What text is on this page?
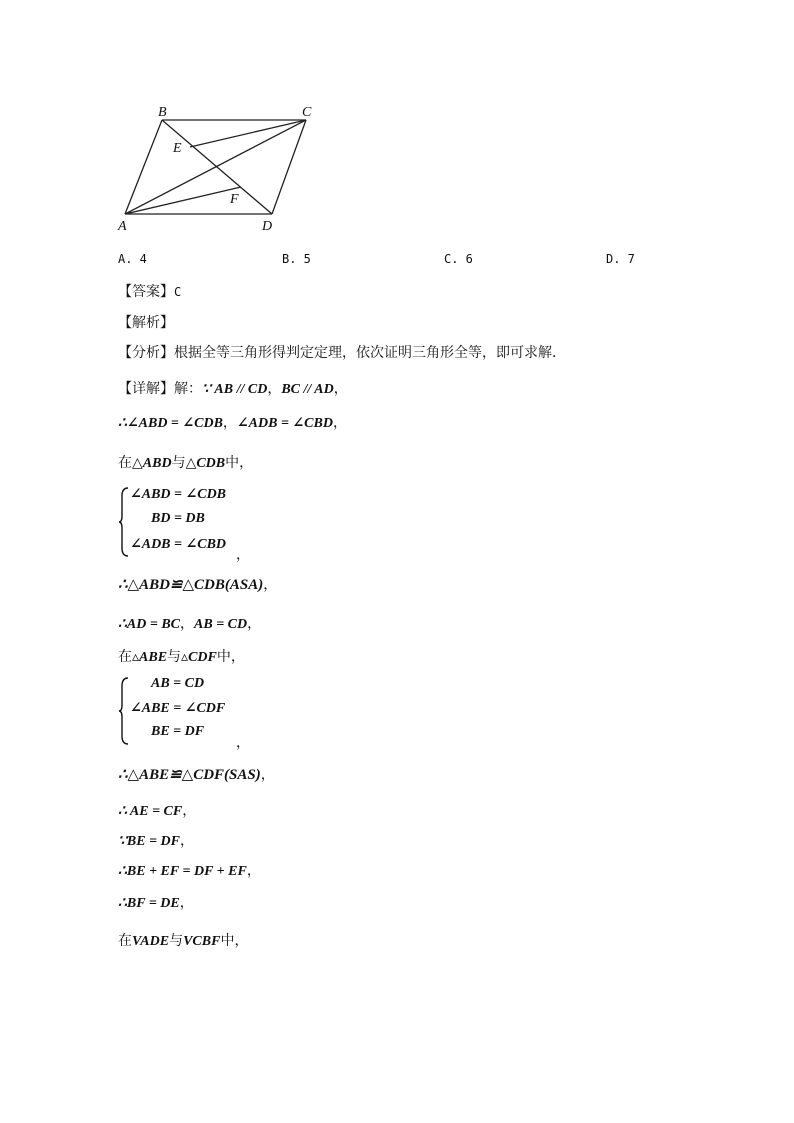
B	C
E
F
A	D
A. 4	B. 5	C. 6	D. 7
【答案】C
【解析】
【分析】根据全等三角形得判定定理，依次证明三角形全等，即可求解．
【详解】解：∵ AB // CD，BC // AD，
∴∠ABD = ∠CDB，∠ADB = ∠CBD，
在△ABD与△CDB中，
∠ABD = ∠CDB
BD = DB
∠ADB = ∠CBD
，
∴△ABD≌△CDB(ASA)，
∴AD = BC，AB = CD，
在▵ABE与▵CDF中，
AB = CD
∠ABE = ∠CDF
BE = DF
，
∴△ABE≌△CDF(SAS)，
∴ AE = CF，
∵BE = DF，
∴BE + EF = DF + EF，
∴BF = DE，
在VADE与VCBF中，
